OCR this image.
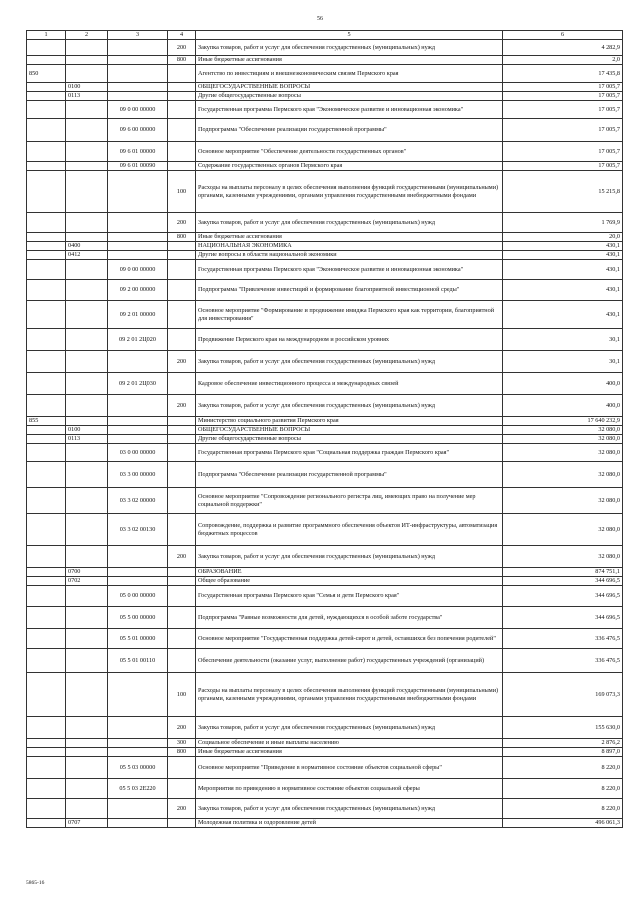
56
1	2	3	4	5	6
			200	Закупка товаров, работ и услуг для обеспечения государственных (муниципальных) нужд	4 282,9
			800	Иные бюджетные ассигнования	2,0
850				Агентство по инвестициям и внешнеэкономическим связям Пермского края	17 435,8
	0100			ОБЩЕГОСУДАРСТВЕННЫЕ ВОПРОСЫ	17 005,7
	0113			Другие общегосударственные вопросы	17 005,7
		09 0 00 00000		Государственная программа Пермского края "Экономическое развитие и инновационная экономика"	17 005,7
		09 6 00 00000		Подпрограмма "Обеспечение реализации государственной программы"	17 005,7
		09 6 01 00000		Основное мероприятие "Обеспечение деятельности государственных органов"	17 005,7
		09 6 01 00090		Содержание государственных органов Пермского края	17 005,7
			100	Расходы на выплаты персоналу в целях обеспечения выполнения функций государственными (муниципальными) органами, казенными учреждениями, органами управления государственными внебюджетными фондами	15 215,8
			200	Закупка товаров, работ и услуг для обеспечения государственных (муниципальных) нужд	1 769,9
			800	Иные бюджетные ассигнования	20,0
	0400			НАЦИОНАЛЬНАЯ ЭКОНОМИКА	430,1
	0412			Другие вопросы в области национальной экономики	430,1
		09 0 00 00000		Государственная программа Пермского края "Экономическое развитие и инновационная экономика"	430,1
		09 2 00 00000		Подпрограмма "Привлечение инвестиций и формирование благоприятной инвестиционной среды"	430,1
		09 2 01 00000		Основное мероприятие "Формирование и продвижение имиджа Пермского края как территории, благоприятной для инвестирования"	430,1
		09 2 01 2Ц020		Продвижение Пермского края на международном и российском уровнях	30,1
			200	Закупка товаров, работ и услуг для обеспечения государственных (муниципальных) нужд	30,1
		09 2 01 2Ц030		Кадровое обеспечение инвестиционного процесса и международных связей	400,0
			200	Закупка товаров, работ и услуг для обеспечения государственных (муниципальных) нужд	400,0
855				Министерство социального развития Пермского края	17 640 232,9
	0100			ОБЩЕГОСУДАРСТВЕННЫЕ ВОПРОСЫ	32 080,0
	0113			Другие общегосударственные вопросы	32 080,0
		03 0 00 00000		Государственная программа Пермского края "Социальная поддержка граждан Пермского края"	32 080,0
		03 3 00 00000		Подпрограмма "Обеспечение реализации государственной программы"	32 080,0
		03 3 02 00000		Основное мероприятие "Сопровождение регионального регистра лиц, имеющих право на получение мер социальной поддержки"	32 080,0
		03 3 02 00130		Сопровождение, поддержка и развитие программного обеспечения объектов ИТ-инфраструктуры, автоматизация бюджетных процессов	32 080,0
			200	Закупка товаров, работ и услуг для обеспечения государственных (муниципальных) нужд	32 080,0
	0700			ОБРАЗОВАНИЕ	874 751,1
	0702			Общее образование	344 696,5
		05 0 00 00000		Государственная программа Пермского края "Семья и дети Пермского края"	344 696,5
		05 5 00 00000		Подпрограмма "Равные возможности для детей, нуждающихся в особой заботе государства"	344 696,5
		05 5 01 00000		Основное мероприятие "Государственная поддержка детей-сирот и детей, оставшихся без попечения родителей"	336 476,5
		05 5 01 00110		Обеспечение деятельности (оказание услуг, выполнение работ) государственных учреждений (организаций)	336 476,5
			100	Расходы на выплаты персоналу в целях обеспечения выполнения функций государственными (муниципальными) органами, казенными учреждениями, органами управления государственными внебюджетными фондами	169 073,3
			200	Закупка товаров, работ и услуг для обеспечения государственных (муниципальных) нужд	155 630,0
			300	Социальное обеспечение и иные выплаты населению	2 876,2
			800	Иные бюджетные ассигнования	8 897,0
		05 5 03 00000		Основное мероприятие "Приведение в нормативное состояние объектов социальной сферы"	8 220,0
		05 5 03 2Е220		Мероприятия по приведению в нормативное состояние объектов социальной сферы	8 220,0
			200	Закупка товаров, работ и услуг для обеспечения государственных (муниципальных) нужд	8 220,0
	0707			Молодежная политика и оздоровление детей	496 061,3
5865-16
